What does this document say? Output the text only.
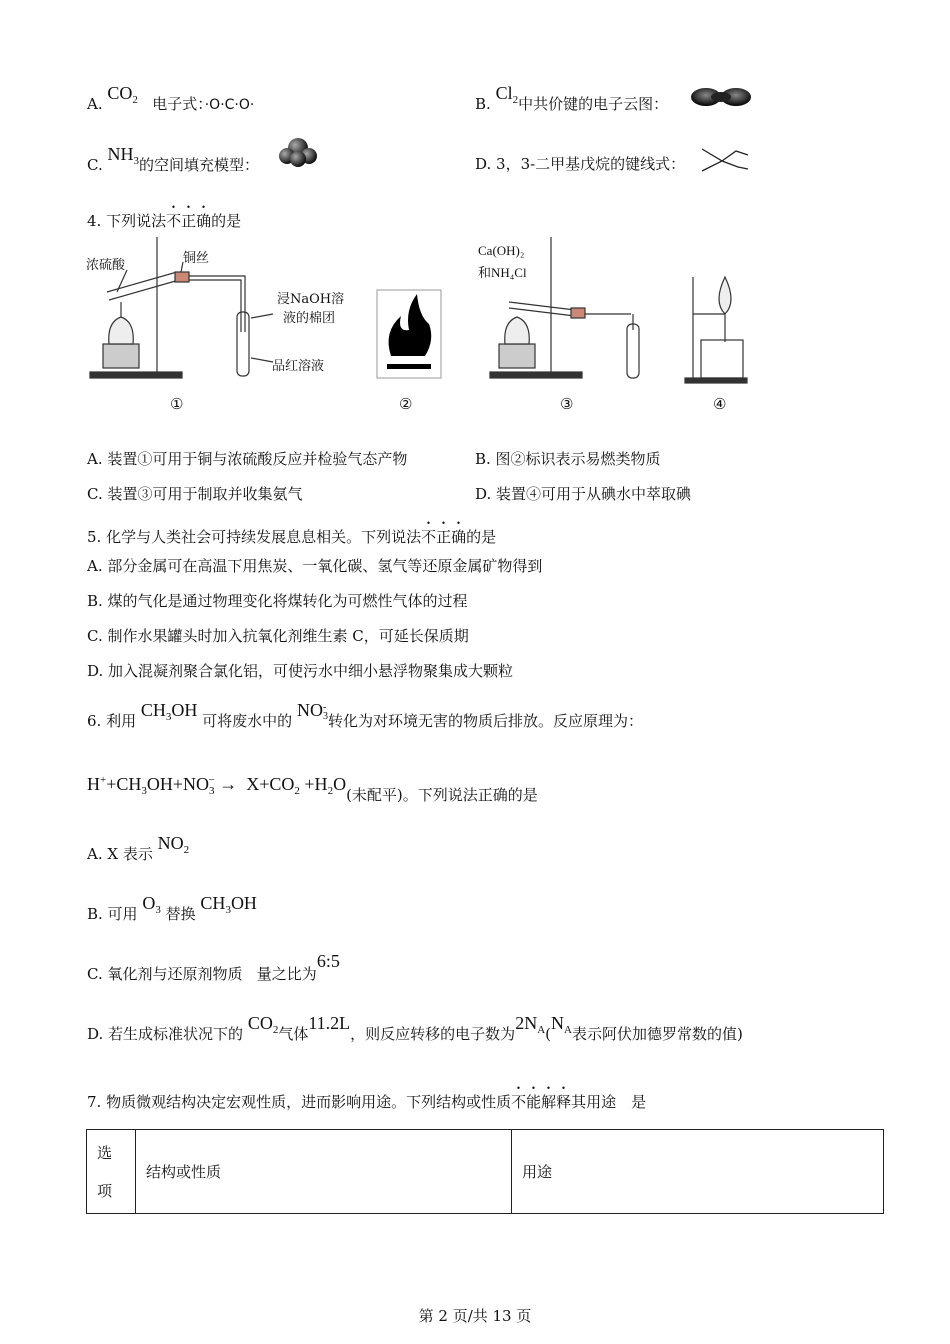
A. $CO_2$ 电子式：·O·C·O·	B. $Cl_2$中共价键的电子云图：
C. $NH_3$的空间填充模型：	D. 3，3-二甲基戊烷的键线式：
4. 下列说法不正确的是
浓硫酸	铜丝
浸NaOH溶
液的棉团
品红溶液
Ca(OH)₂
和NH₄Cl
①	②	③	④
A. 装置①可用于铜与浓硫酸反应并检验气态产物	B. 图②标识表示易燃类物质
C. 装置③可用于制取并收集氨气	D. 装置④可用于从碘水中萃取碘
5. 化学与人类社会可持续发展息息相关。下列说法不正确的是
A. 部分金属可在高温下用焦炭、一氧化碳、氢气等还原金属矿物得到
B. 煤的气化是通过物理变化将煤转化为可燃性气体的过程
C. 制作水果罐头时加入抗氧化剂维生素 C，可延长保质期
D. 加入混凝剂聚合氯化铝，可使污水中细小悬浮物聚集成大颗粒
6. 利用 $CH_3OH$ 可将废水中的 NO -
3 转化为对环境无害的物质后排放。反应原理为：
$H^++CH_3OH+NO_3^- \to X+CO_2 +H_2O$(未配平)。下列说法正确的是
A. X 表示 $NO_2$
B. 可用 $O_3$ 替换 $CH_3OH$
C. 氧化剂与还原剂物质 量之比为6:5
D. 若生成标准状况下的 $CO_2$气体11.2L，则反应转移的电子数为$2N_A(N_A$表示阿伏加德罗常数的值)
7. 物质微观结构决定宏观性质，进而影响用途。下列结构或性质不能解释其用途　是
选
项	结构或性质	用途
第 2 页/共 13 页
